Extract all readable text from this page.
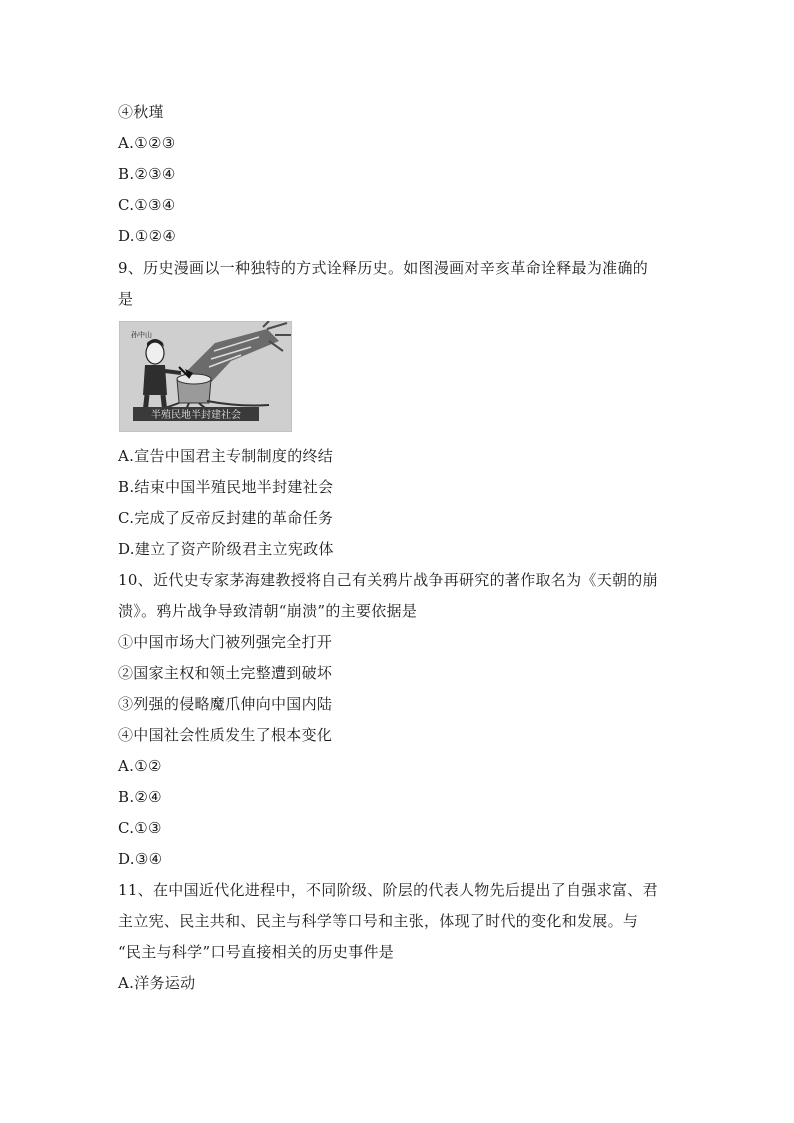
④秋瑾
A.①②③
B.②③④
C.①③④
D.①②④
9、历史漫画以一种独特的方式诠释历史。如图漫画对辛亥革命诠释最为准确的
是
半殖民地半封建社会
孙中山
A.宣告中国君主专制制度的终结
B.结束中国半殖民地半封建社会
C.完成了反帝反封建的革命任务
D.建立了资产阶级君主立宪政体
10、近代史专家茅海建教授将自己有关鸦片战争再研究的著作取名为《天朝的崩
溃》。鸦片战争导致清朝“崩溃”的主要依据是
①中国市场大门被列强完全打开
②国家主权和领土完整遭到破坏
③列强的侵略魔爪伸向中国内陆
④中国社会性质发生了根本变化
A.①②
B.②④
C.①③
D.③④
11、在中国近代化进程中，不同阶级、阶层的代表人物先后提出了自强求富、君
主立宪、民主共和、民主与科学等口号和主张，体现了时代的变化和发展。与
“民主与科学”口号直接相关的历史事件是
A.洋务运动
